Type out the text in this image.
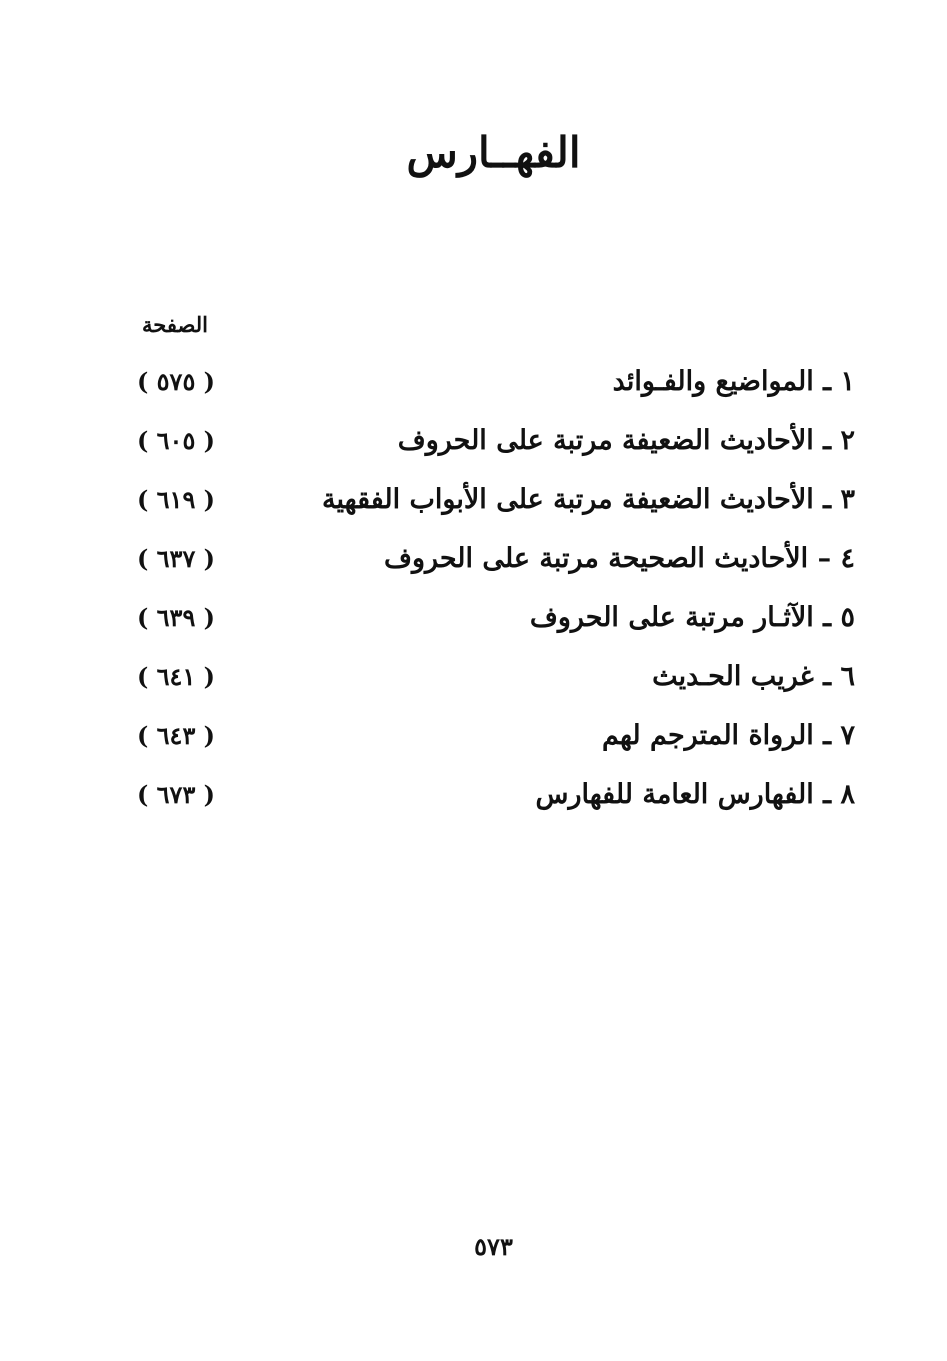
الفهــارس
الصفحة
١ ـ المواضيع والفـوائد
( ٥٧٥ )
٢ ـ الأحاديث الضعيفة مرتبة على الحروف
( ٦٠٥ )
٣ ـ الأحاديث الضعيفة مرتبة على الأبواب الفقهية
( ٦١٩ )
٤ – الأحاديث الصحيحة مرتبة على الحروف
( ٦٣٧ )
٥ ـ الآثـار مرتبة على الحروف
( ٦٣٩ )
٦ ـ غريب الحـديث
( ٦٤١ )
٧ ـ الرواة المترجم لهم
( ٦٤٣ )
٨ ـ الفهارس العامة للفهارس
( ٦٧٣ )
٥٧٣
